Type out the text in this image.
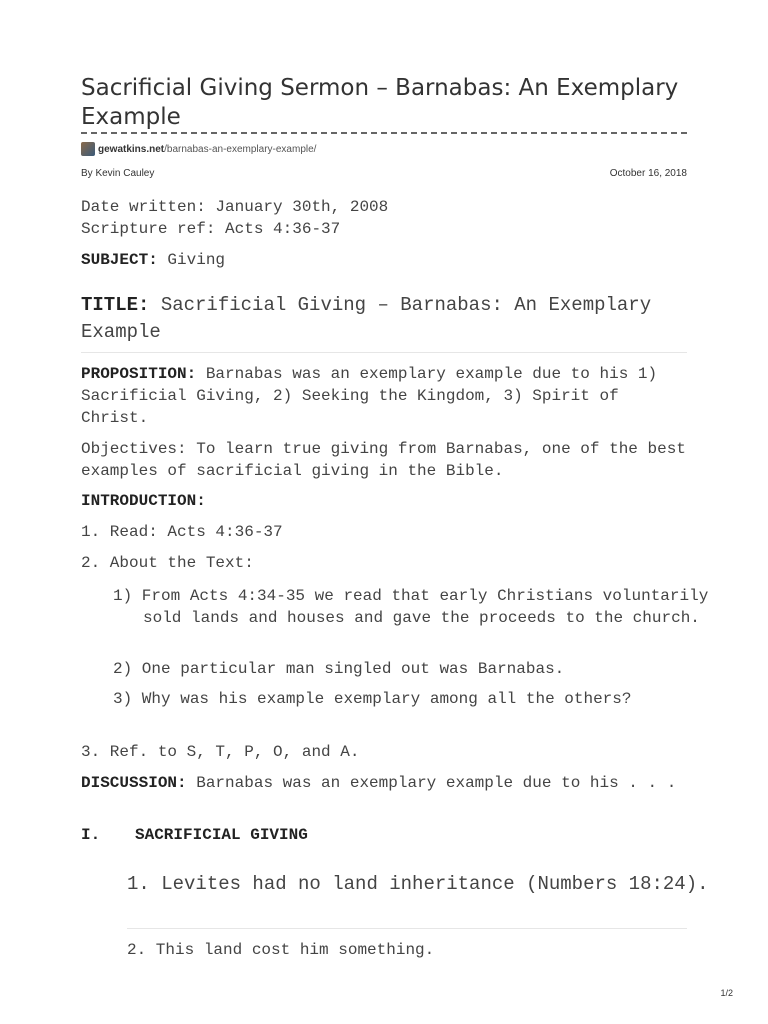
Sacrificial Giving Sermon – Barnabas: An Exemplary Example
gewatkins.net /barnabas-an-exemplary-example/
By Kevin Cauley	October 16, 2018
Date written: January 30th, 2008
Scripture ref: Acts 4:36-37
SUBJECT: Giving
TITLE: Sacrificial Giving – Barnabas: An Exemplary Example
PROPOSITION: Barnabas was an exemplary example due to his 1) Sacrificial Giving, 2) Seeking the Kingdom, 3) Spirit of Christ.
Objectives: To learn true giving from Barnabas, one of the best examples of sacrificial giving in the Bible.
INTRODUCTION:
1. Read: Acts 4:36-37
2. About the Text:
1) From Acts 4:34-35 we read that early Christians voluntarily sold lands and houses and gave the proceeds to the church.
2) One particular man singled out was Barnabas.
3) Why was his example exemplary among all the others?
3. Ref. to S, T, P, O, and A.
DISCUSSION: Barnabas was an exemplary example due to his . . .
I. SACRIFICIAL GIVING
1. Levites had no land inheritance (Numbers 18:24).
2. This land cost him something.
1/2
